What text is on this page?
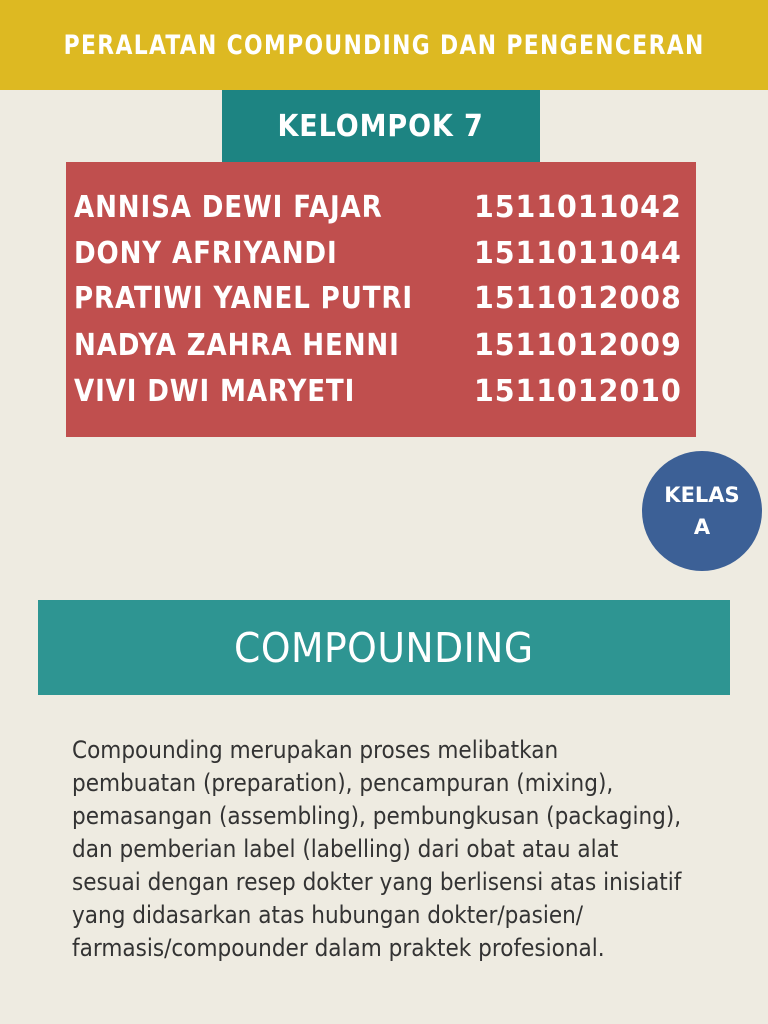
PERALATAN COMPOUNDING DAN PENGENCERAN
KELOMPOK 7
ANNISA DEWI FAJAR	1511011042
DONY AFRIYANDI	1511011044
PRATIWI YANEL PUTRI 1511012008
NADYA ZAHRA HENNI 1511012009
VIVI DWI MARYETI	1511012010
KELAS
A
COMPOUNDING

Compounding merupakan proses melibatkan
pembuatan (preparation), pencampuran (mixing),
pemasangan (assembling), pembungkusan (packaging),
dan pemberian label (labelling) dari obat atau alat
sesuai dengan resep dokter yang berlisensi atas inisiatif
yang didasarkan atas hubungan dokter/pasien/
farmasis/compounder dalam praktek profesional.
